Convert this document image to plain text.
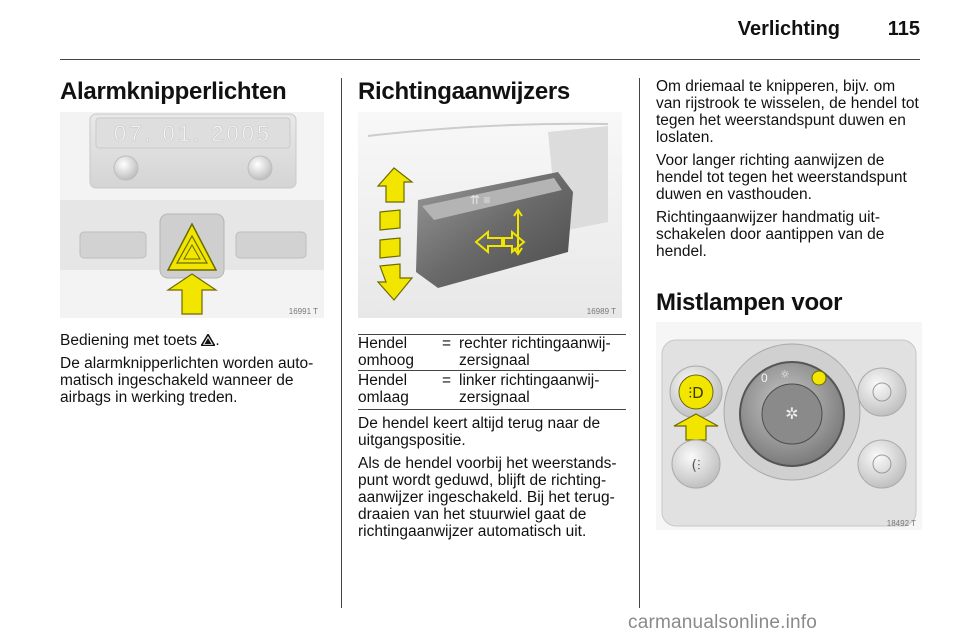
Verlichting 115
Alarmknipperlichten
07. 01. 2005
16991 T

Bediening met toets .

De alarmknipperlichten worden auto-matisch ingeschakeld wanneer de airbags in werking treden.

Richtingaanwijzers
⇈ ≡
16989 T
Hendel omhoog	=	rechter richtingaanwij-zersignaal
Hendel omlaag	=	linker richtingaanwij-zersignaal

De hendel keert altijd terug naar de uitgangspositie.

Als de hendel voorbij het weerstands-punt wordt geduwd, blijft de richting-aanwijzer ingeschakeld. Bij het terug-draaien van het stuurwiel gaat de richtingaanwijzer automatisch uit.

Om driemaal te knipperen, bijv. om van rijstrook te wisselen, de hendel tot tegen het weerstandspunt duwen en loslaten.

Voor langer richting aanwijzen de hendel tot tegen het weerstandspunt duwen en vasthouden.

Richtingaanwijzer handmatig uit-schakelen door aantippen van de hendel.

Mistlampen voor
✲
0 ☼
⫶D
(⫶
18492 T
carmanualsonline.info
